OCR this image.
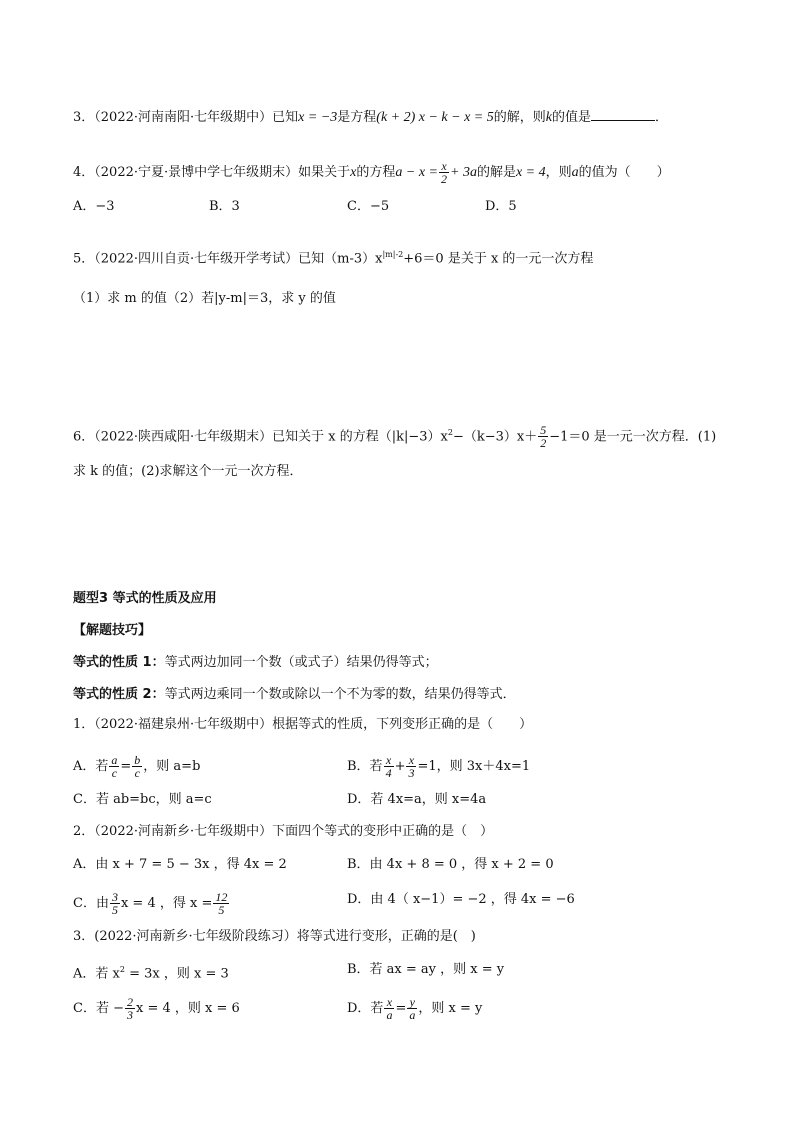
3．（2022·河南南阳·七年级期中）已知x = −3是方程(k + 2) x − k − x = 5的解，则k的值是	．
4．（2022·宁夏·景博中学七年级期末）如果关于x的方程$a - x = \frac{x}{2} + 3a$的解是x = 4，则a的值为（　　）
A．−3	B．3	C．−5	D．5
5．（2022·四川自贡·七年级开学考试）已知$(m-3)x^{|m|-2}+6=0$ 是关于 x 的一元一次方程
（1）求 m 的值（2）若|y-m|＝3，求 y 的值
6．（2022·陕西咸阳·七年级期末）已知关于 x 的方程$(|k|-3)x^2-(k-3)x+ \frac{5}{2} -1=0$ 是一元一次方程．(1)
求 k 的值；(2)求解这个一元一次方程．
题型3 等式的性质及应用
【解题技巧】
等式的性质 1：等式两边加同一个数（或式子）结果仍得等式；
等式的性质 2：等式两边乘同一个数或除以一个不为零的数，结果仍得等式．
1．（2022·福建泉州·七年级期中）根据等式的性质，下列变形正确的是（　　）
A．若 $\frac{a}{c} = \frac{b}{c}$ ，则 a=b	B．若 $\frac{x}{4} + \frac{x}{3} =1$，则 3x＋4x=1
C．若 ab=bc，则 a=c	D．若 4x=a，则 x=4a
2．（2022·河南新乡·七年级期中）下面四个等式的变形中正确的是（　）
A．由 x + 7 = 5 − 3x ，得 4x = 2	B．由 4x + 8 = 0 ，得 x + 2 = 0
C．由 $\frac{3}{5}$ x = 4 ，得 $x = \frac{12}{5}$	D．由 4（ x−1）= −2 ，得 4x = −6
3．(2022·河南新乡·七年级阶段练习）将等式进行变形，正确的是(　)
A．若 $x^2 = 3x$ ，则 x = 3	B．若 ax = ay ，则 x = y
C．若 − $\frac{2}{3}$ x = 4 ，则 x = 6	D．若 $\frac{x}{a} = \frac{y}{a}$ ，则 x = y
